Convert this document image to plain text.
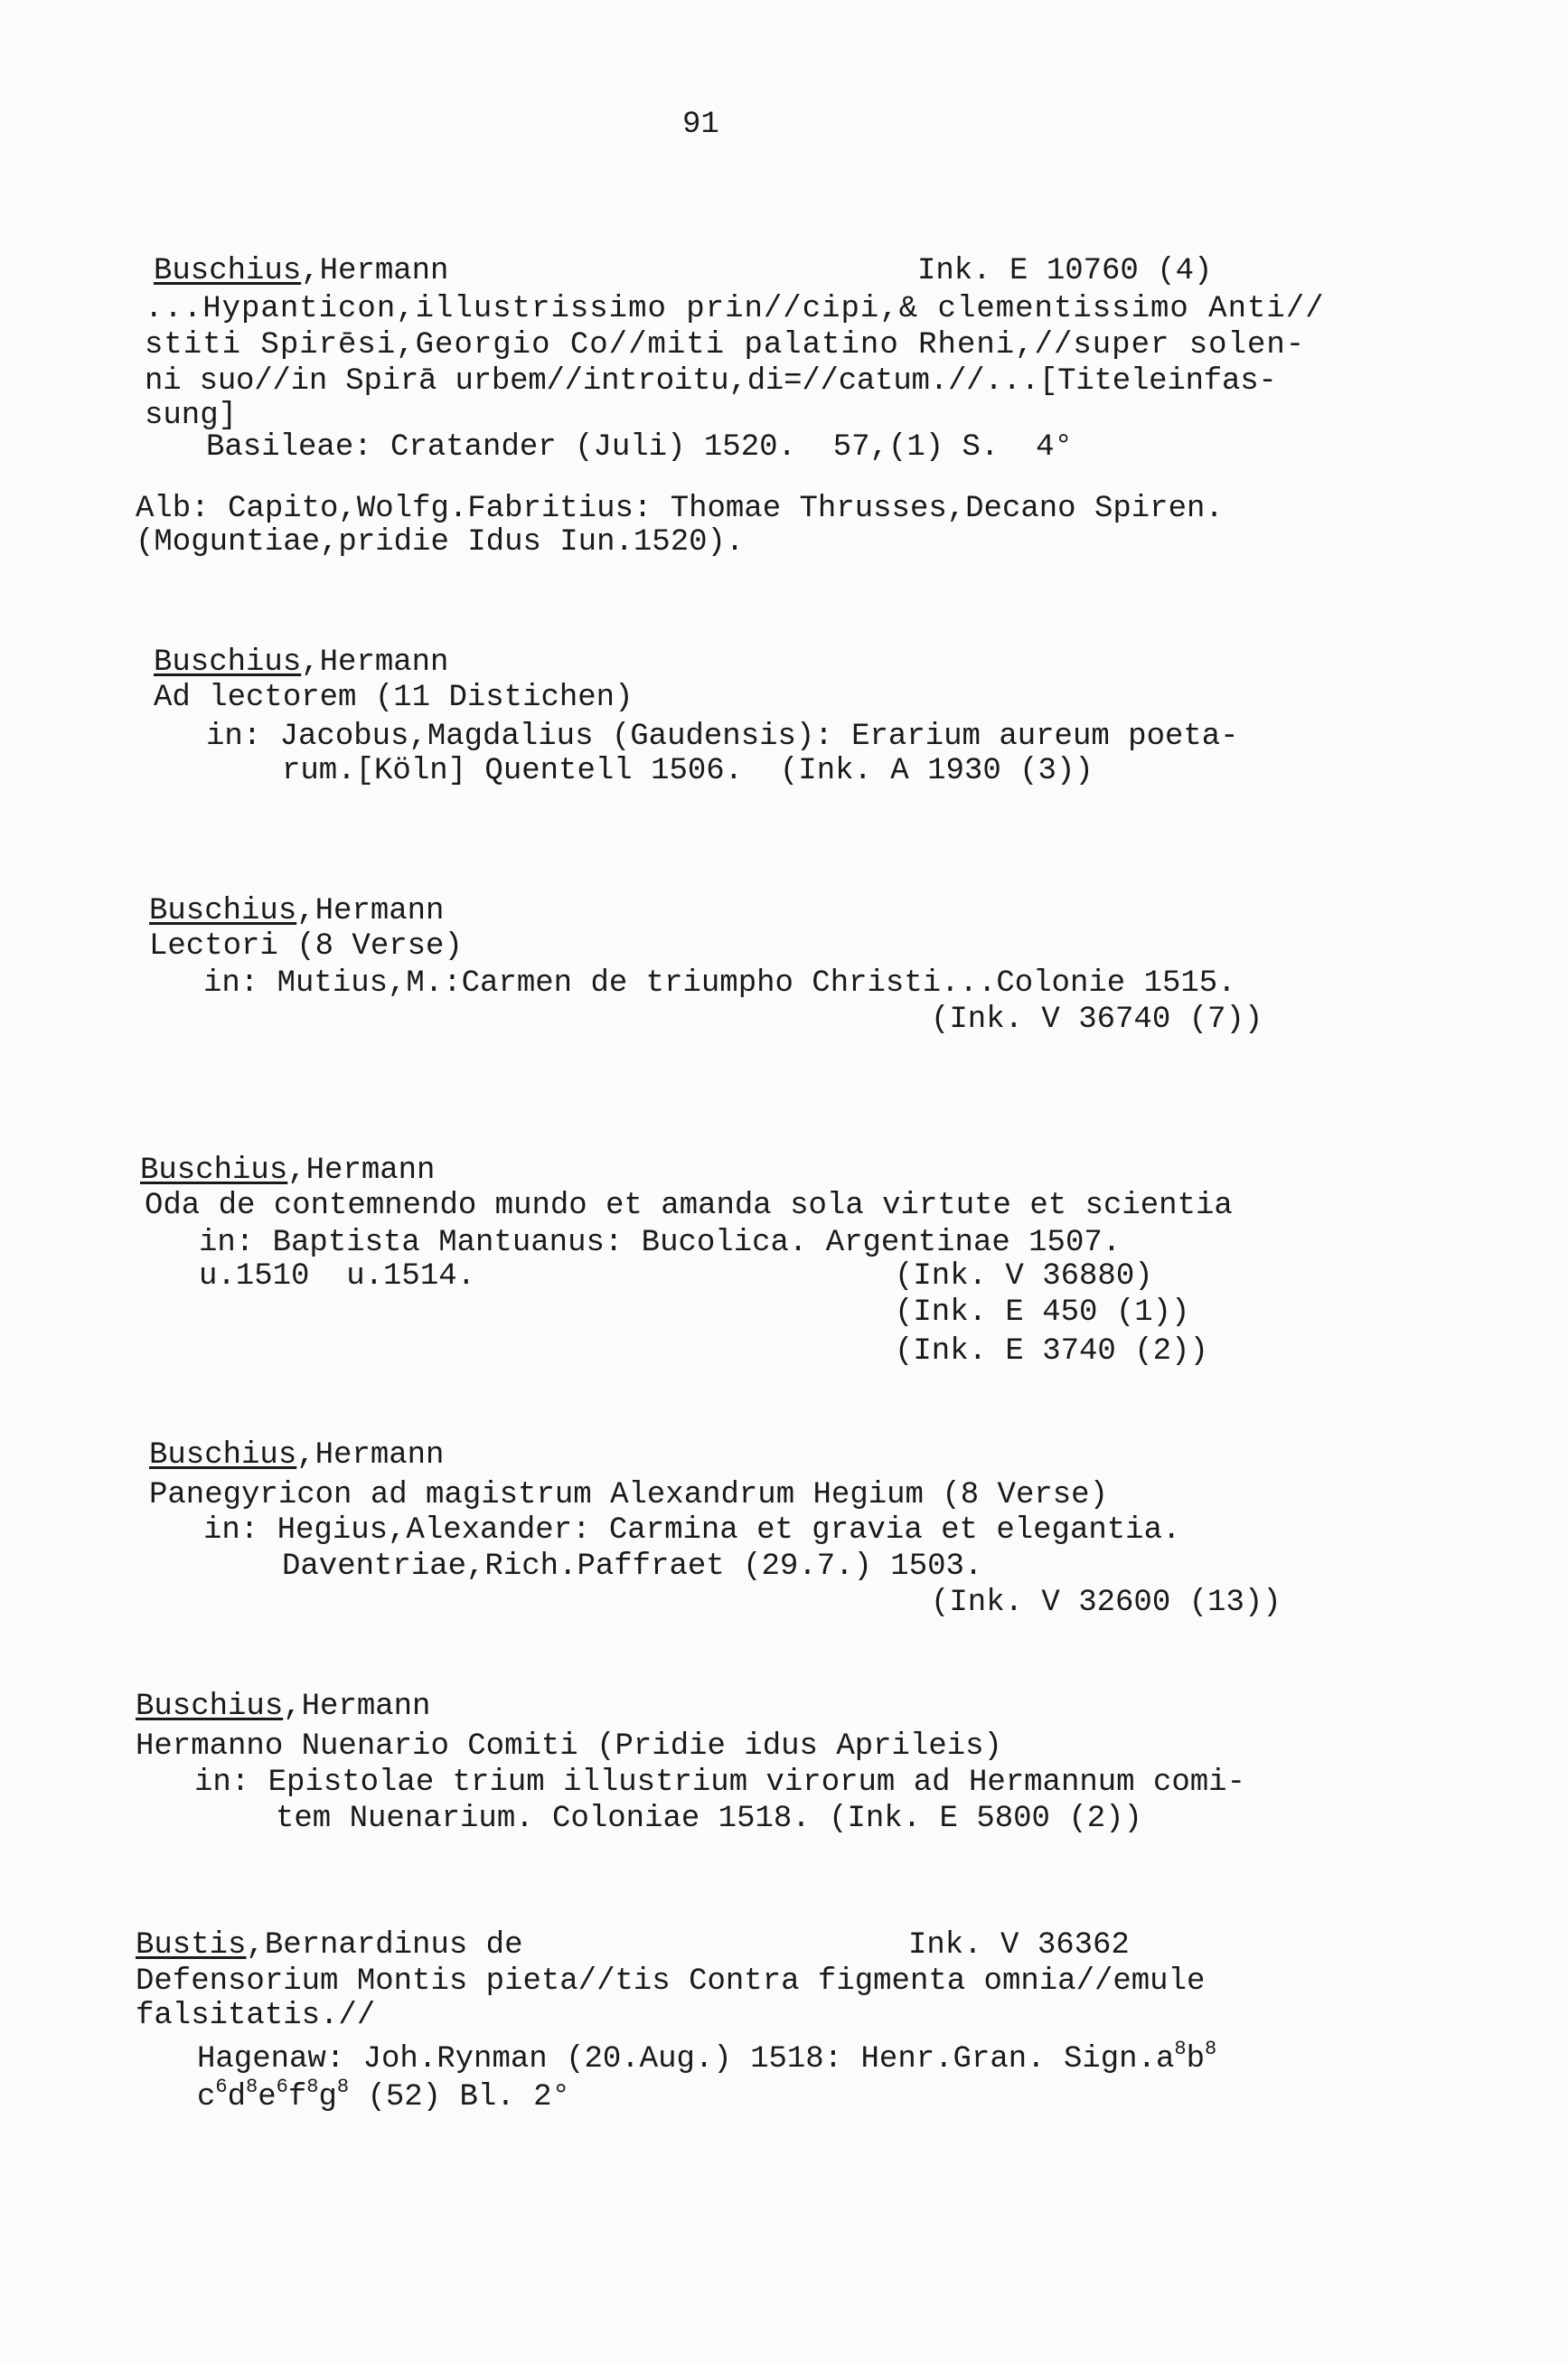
91
Buschius,Hermann	Ink. E 10760 (4)
...Hypanticon,illustrissimo prin//cipi,& clementissimo Anti//
stiti Spirēsi,Georgio Co//miti palatino Rheni,//super solen-
ni suo//in Spirā urbem//introitu,di=//catum.//...[Titeleinfas-
sung]
Basileae: Cratander (Juli) 1520.  57,(1) S.  4°
Alb: Capito,Wolfg.Fabritius: Thomae Thrusses,Decano Spiren.
(Moguntiae,pridie Idus Iun.1520).
Buschius,Hermann
Ad lectorem (11 Distichen)
in: Jacobus,Magdalius (Gaudensis): Erarium aureum poeta-
rum.[Köln] Quentell 1506.  (Ink. A 1930 (3))
Buschius,Hermann
Lectori (8 Verse)
in: Mutius,M.:Carmen de triumpho Christi...Colonie 1515.
(Ink. V 36740 (7))
Buschius,Hermann
Oda de contemnendo mundo et amanda sola virtute et scientia
in: Baptista Mantuanus: Bucolica. Argentinae 1507.
u.1510  u.1514.	(Ink. V 36880)
(Ink. E 450 (1))
(Ink. E 3740 (2))
Buschius,Hermann
Panegyricon ad magistrum Alexandrum Hegium (8 Verse)
in: Hegius,Alexander: Carmina et gravia et elegantia.
Daventriae,Rich.Paffraet (29.7.) 1503.
(Ink. V 32600 (13))
Buschius,Hermann
Hermanno Nuenario Comiti (Pridie idus Aprileis)
in: Epistolae trium illustrium virorum ad Hermannum comi-
tem Nuenarium. Coloniae 1518. (Ink. E 5800 (2))
Bustis,Bernardinus de	Ink. V 36362
Defensorium Montis pieta//tis Contra figmenta omnia//emule
falsitatis.//
Hagenaw: Joh.Rynman (20.Aug.) 1518: Henr.Gran. $Sign.a^8b^8$
$c^6d^8e^6f^8g^8$ (52) Bl. 2°
